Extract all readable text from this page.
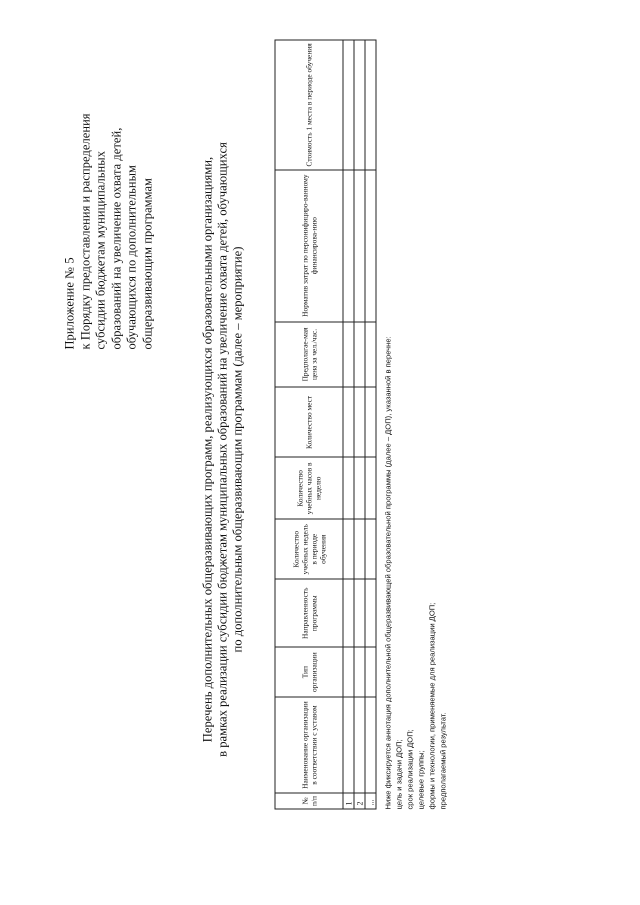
Приложение № 5 к Порядку предоставления и распределения субсидии бюджетам муниципальных образований на увеличение охвата детей, обучающихся по дополнительным общеразвивающим программам	Перечень дополнительных общеразвивающих программ, реализующихся образовательными организациями, в рамках реализации субсидии бюджетам муниципальных образований на увеличение охвата детей, обучающихся по дополнительным общеразвивающим программам (далее – мероприятие)
№ п/п	Наименование организации в соответствии с уставом	Тип организации	Направленность программы	Количество учебных недель в периоде обучения	Количество учебных часов в неделю	Количество мест	Предполагае-мая цена за чел./час.	Норматив затрат по персонифициро-ванному финансирова-нию	Стоимость 1 места в периоде обучения
1									
2									
...									Ниже фиксируется аннотация дополнительной общеразвивающей образовательной программы (далее – ДОП), указанной в перечне: цель и задачи ДОП; срок реализации ДОП; целевые группы; формы и технологии, применяемые для реализации ДОП; предполагаемый результат.
